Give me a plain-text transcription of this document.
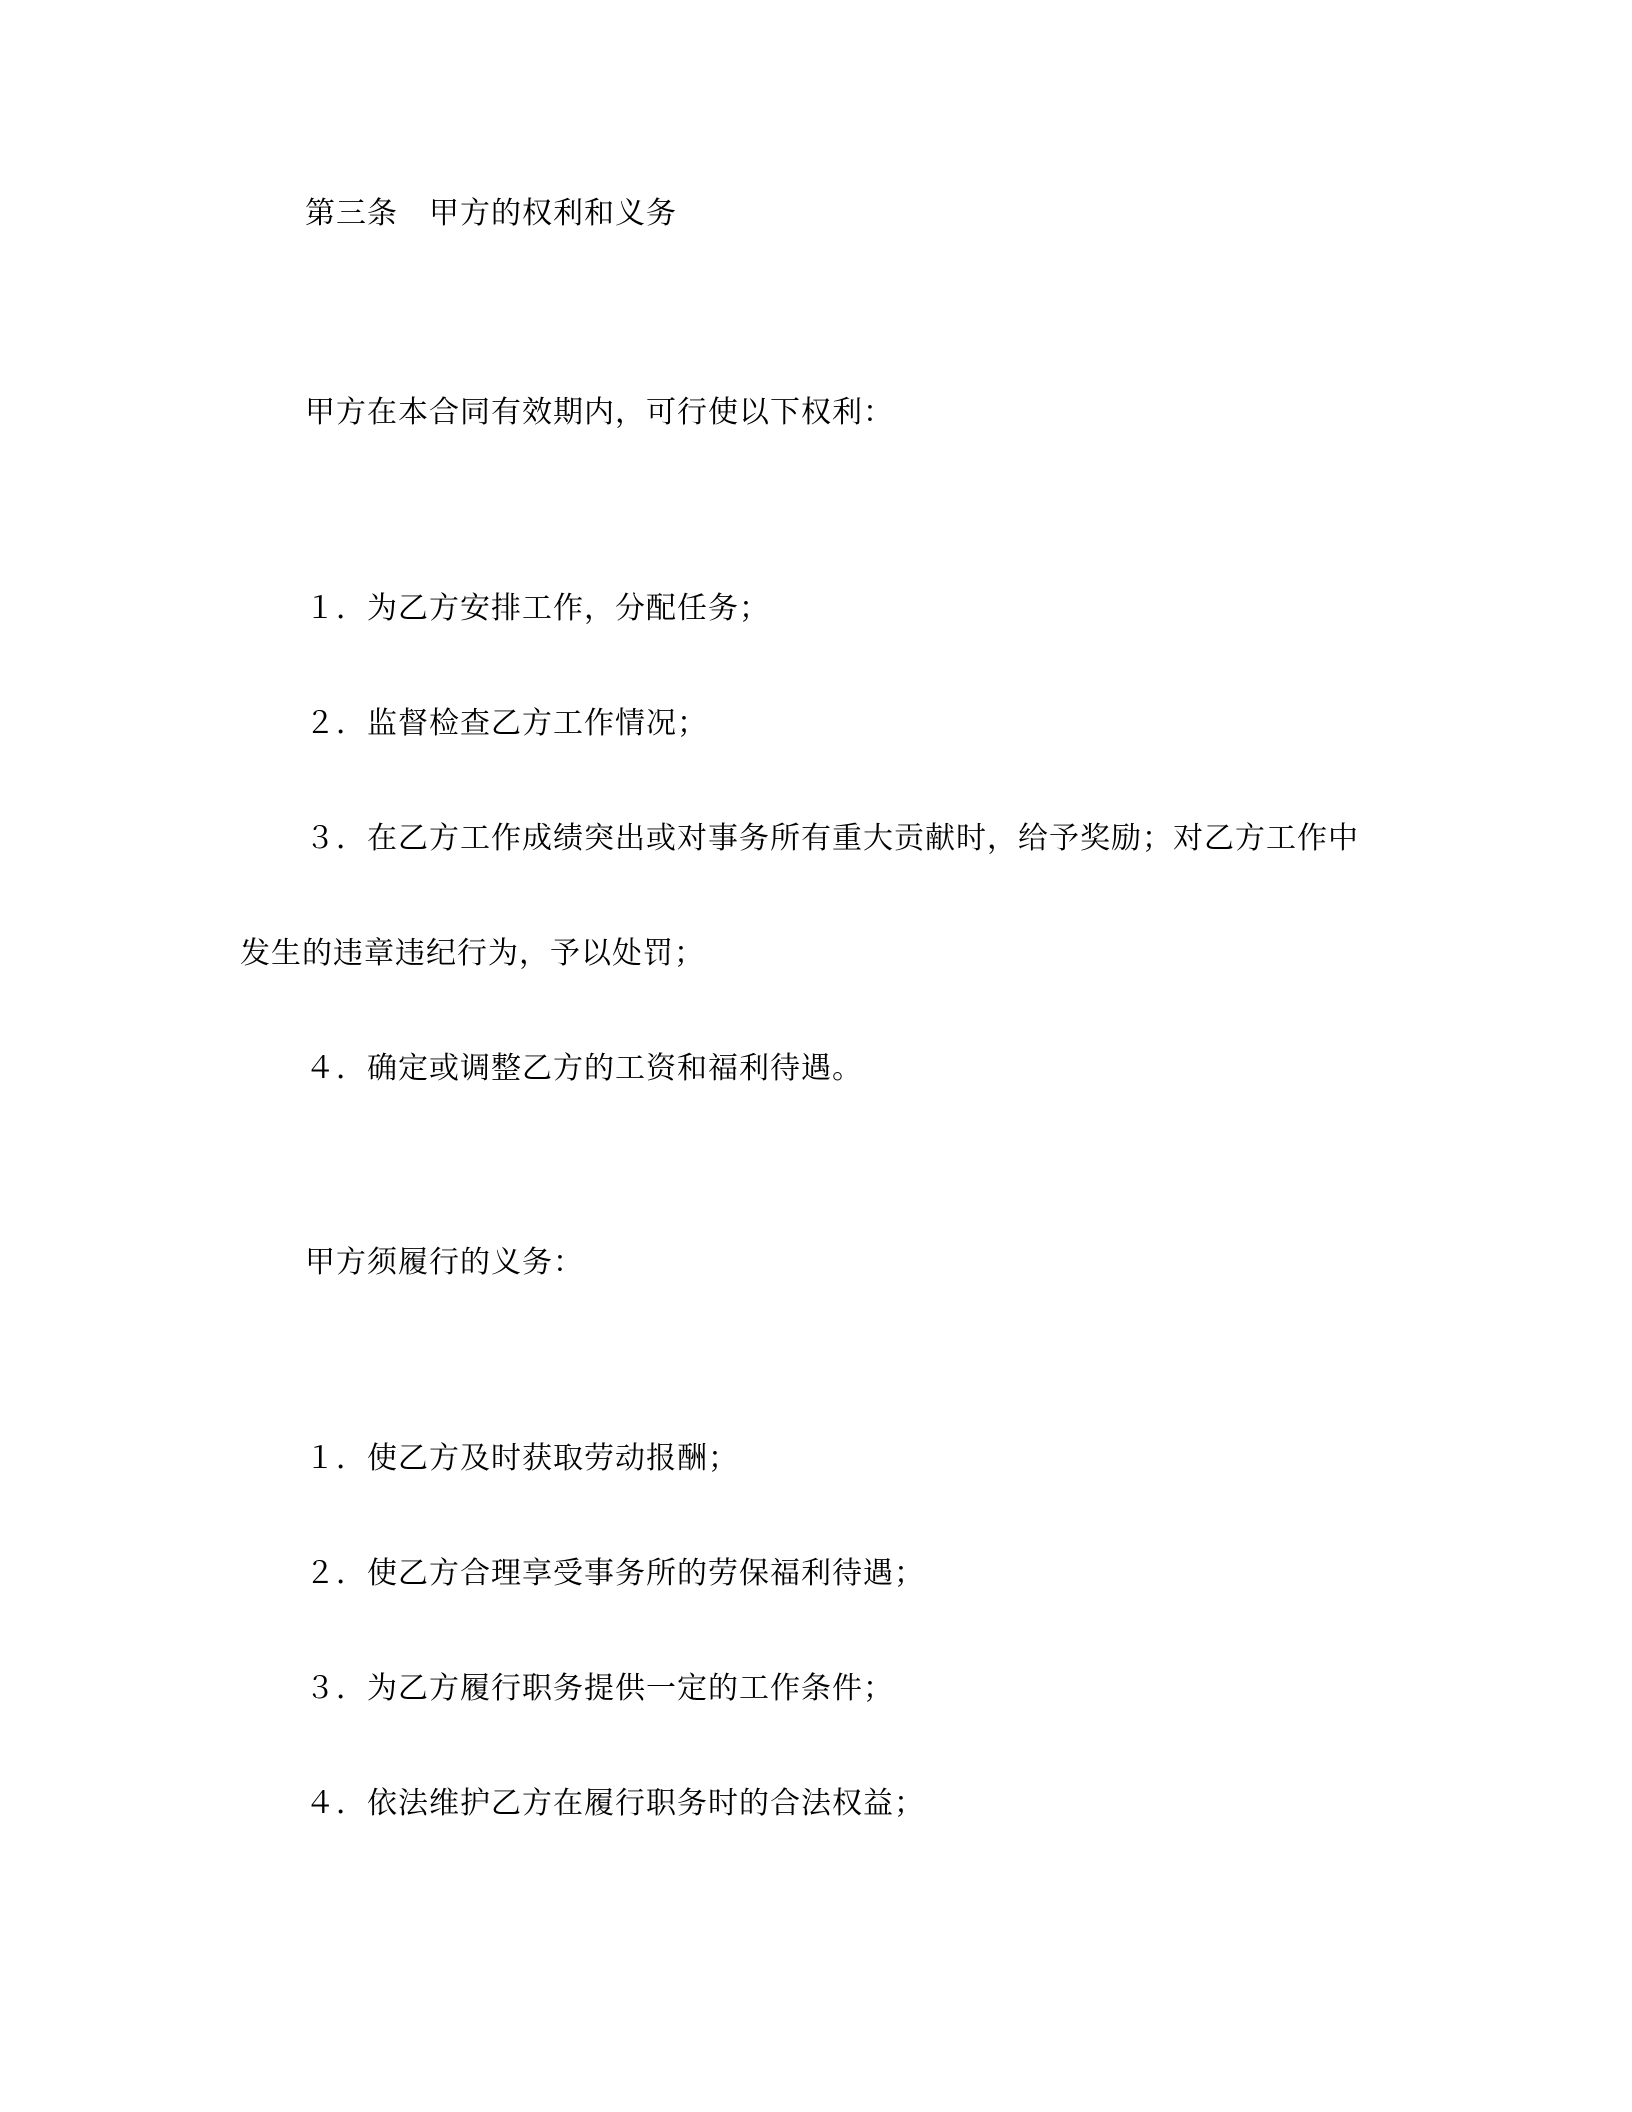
第三条　甲方的权利和义务
甲方在本合同有效期内，可行使以下权利：
１．为乙方安排工作，分配任务；
２．监督检查乙方工作情况；
３．在乙方工作成绩突出或对事务所有重大贡献时，给予奖励；对乙方工作中
发生的违章违纪行为，予以处罚；
４．确定或调整乙方的工资和福利待遇。
甲方须履行的义务：
１．使乙方及时获取劳动报酬；
２．使乙方合理享受事务所的劳保福利待遇；
３．为乙方履行职务提供一定的工作条件；
４．依法维护乙方在履行职务时的合法权益；
